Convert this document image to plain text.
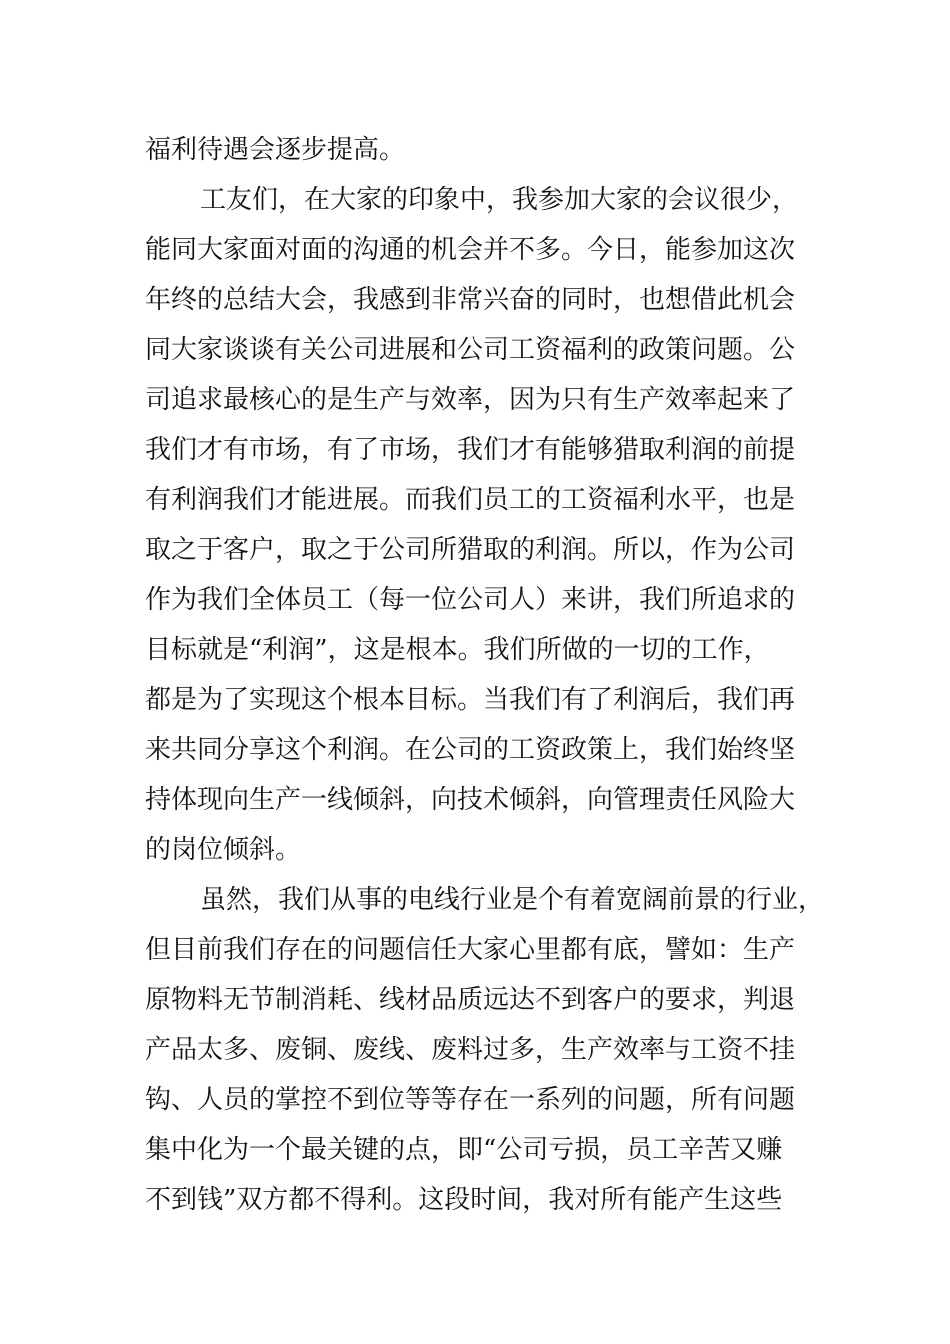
福利待遇会逐步提高。
工友们，在大家的印象中，我参加大家的会议很少，
能同大家面对面的沟通的机会并不多。今日，能参加这次
年终的总结大会，我感到非常兴奋的同时，也想借此机会
同大家谈谈有关公司进展和公司工资福利的政策问题。公
司追求最核心的是生产与效率，因为只有生产效率起来了
我们才有市场，有了市场，我们才有能够猎取利润的前提
有利润我们才能进展。而我们员工的工资福利水平，也是
取之于客户，取之于公司所猎取的利润。所以，作为公司
作为我们全体员工（每一位公司人）来讲，我们所追求的
目标就是“利润”，这是根本。我们所做的一切的工作，
都是为了实现这个根本目标。当我们有了利润后，我们再
来共同分享这个利润。在公司的工资政策上，我们始终坚
持体现向生产一线倾斜，向技术倾斜，向管理责任风险大
的岗位倾斜。
虽然，我们从事的电线行业是个有着宽阔前景的行业，
但目前我们存在的问题信任大家心里都有底，譬如：生产
原物料无节制消耗、线材品质远达不到客户的要求，判退
产品太多、废铜、废线、废料过多，生产效率与工资不挂
钩、人员的掌控不到位等等存在一系列的问题，所有问题
集中化为一个最关键的点，即“公司亏损，员工辛苦又赚
不到钱”双方都不得利。这段时间，我对所有能产生这些
